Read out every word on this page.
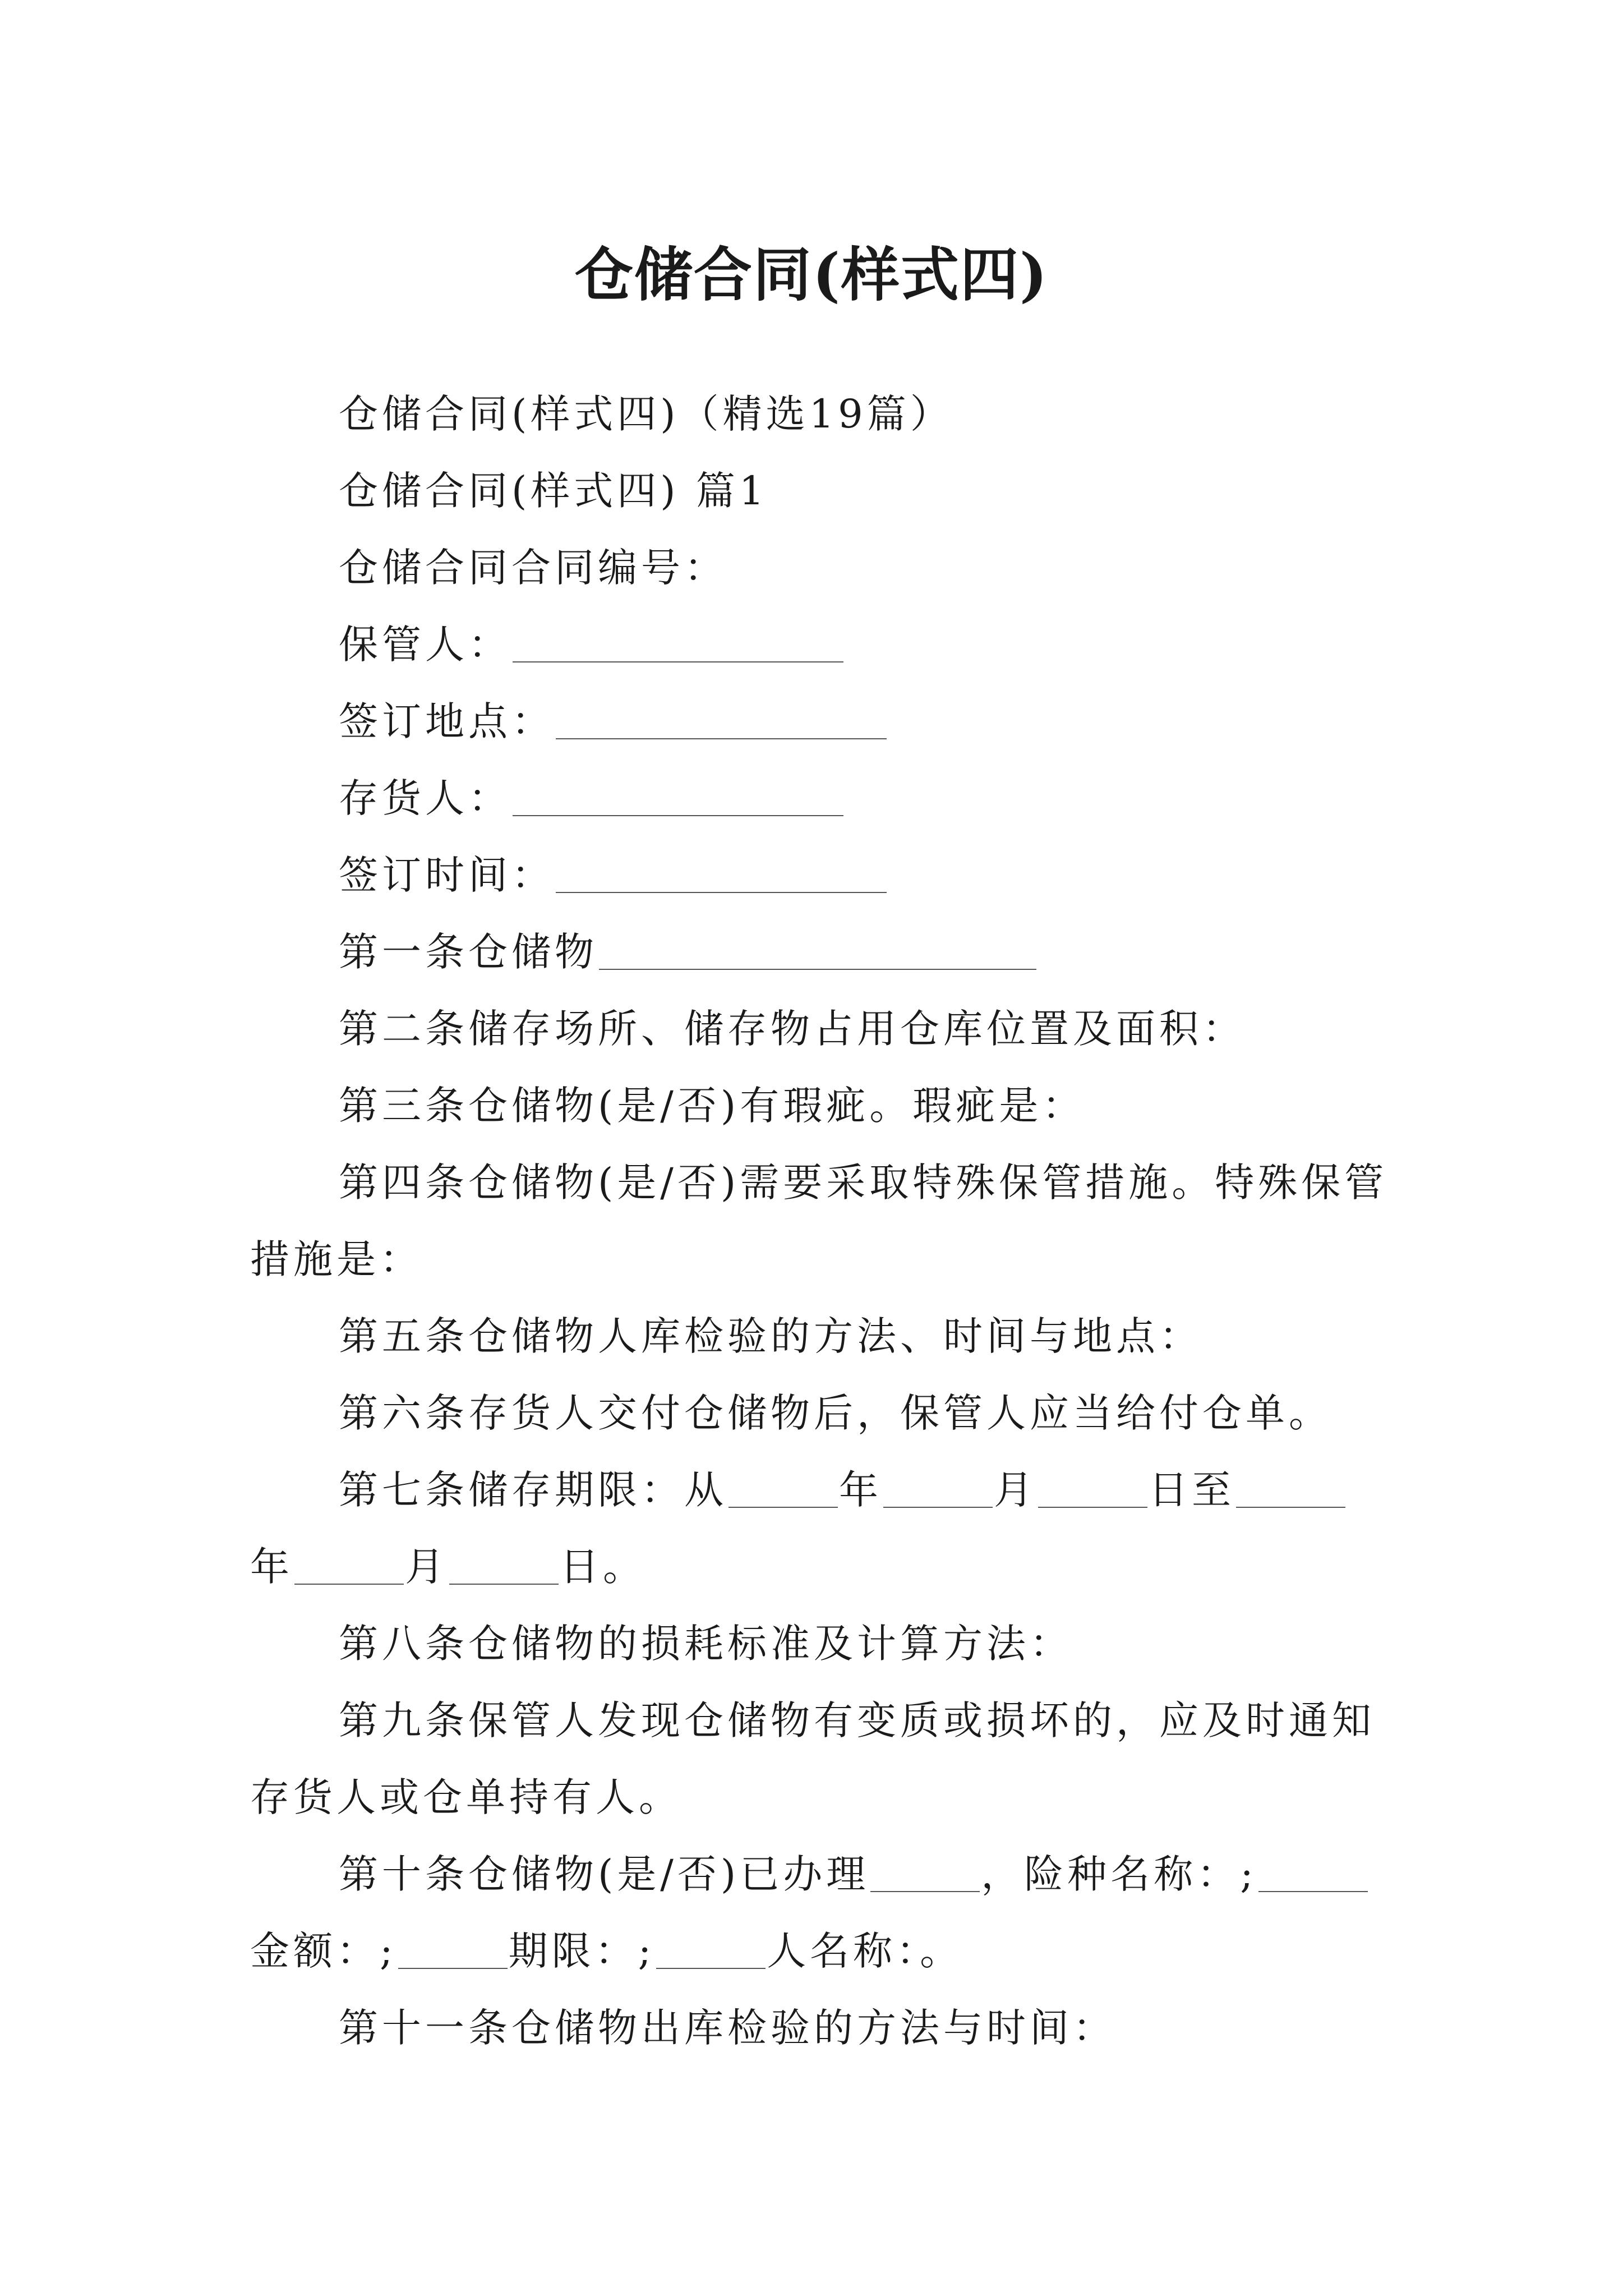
仓储合同(样式四)

仓储合同(样式四)（精选19篇）

仓储合同(样式四) 篇1

仓储合同合同编号：

保管人：

签订地点：

存货人：

签订时间：

第一条仓储物

第二条储存场所、储存物占用仓库位置及面积：

第三条仓储物(是/否)有瑕疵。瑕疵是：

第四条仓储物(是/否)需要采取特殊保管措施。特殊保管措施是：

第五条仓储物人库检验的方法、时间与地点：

第六条存货人交付仓储物后，保管人应当给付仓单。

第七条储存期限：从	年	月	日至年	月	日。

第八条仓储物的损耗标准及计算方法：

第九条保管人发现仓储物有变质或损坏的，应及时通知存货人或仓单持有人。

第十条仓储物(是/否)已办理	，险种名称：;金额：;	期限：;	人名称：。

第十一条仓储物出库检验的方法与时间：
